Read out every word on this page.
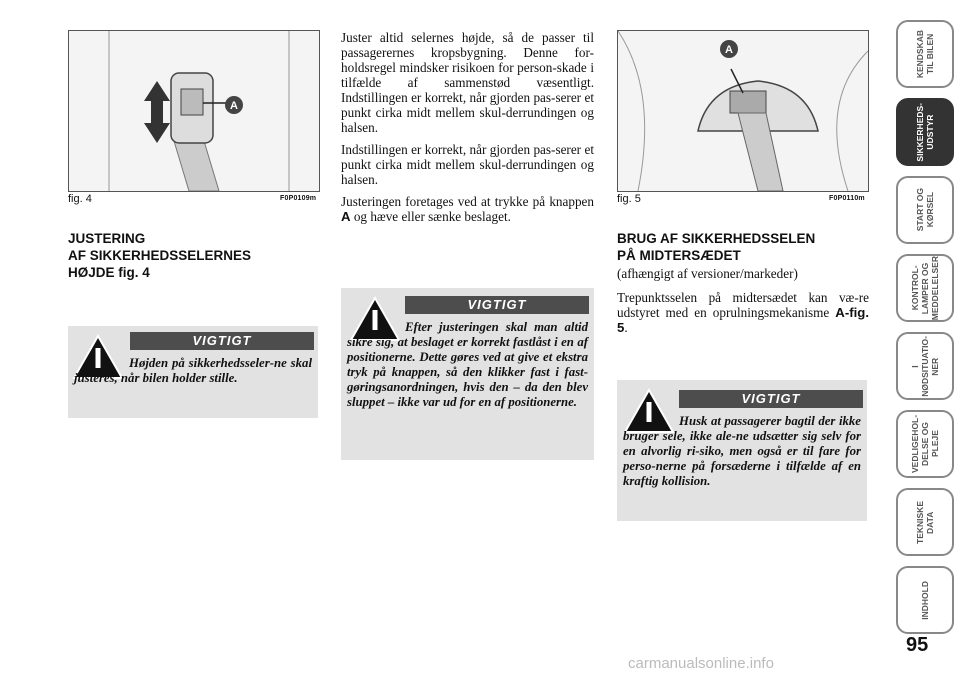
A
fig. 4	F0P0109m
JUSTERING
AF SIKKERHEDSSELERNES
HØJDE fig. 4
VIGTIGT
Højden på sikkerhedsseler-ne skal justeres, når bilen holder stille.

Juster altid selernes højde, så de passer til passagerernes kropsbygning. Denne for-holdsregel mindsker risikoen for person-skade i tilfælde af sammenstød væsentligt. Indstillingen er korrekt, når gjorden pas-serer et punkt cirka midt mellem skul-derrundingen og halsen.

Indstillingen er korrekt, når gjorden pas-serer et punkt cirka midt mellem skul-derrundingen og halsen.

Justeringen foretages ved at trykke på knappen A og hæve eller sænke beslaget.

VIGTIGT
Efter justeringen skal man altid sikre sig, at beslaget er korrekt fastlåst i en af positionerne. Dette gøres ved at give et ekstra tryk på knappen, så den klikker fast i fast-gøringsanordningen, hvis den – da den blev sluppet – ikke var ud for en af positionerne.
A
fig. 5	F0P0110m
BRUG AF SIKKERHEDSSELEN
PÅ MIDTERSÆDET
(afhængigt af versioner/markeder)
Trepunktsselen på midtersædet kan væ-re udstyret med en oprulningsmekanisme A-fig. 5.
VIGTIGT
Husk at passagerer bagtil der ikke bruger sele, ikke ale-ne udsætter sig selv for en alvorlig ri-siko, men også er til fare for perso-nerne på forsæderne i tilfælde af en kraftig kollision.
KENDSKAB
TIL BILEN
SIKKERHEDS-
UDSTYR
START OG
KØRSEL
KONTROL-
LAMPER OG
MEDDELELSER
I
NØDSITUATIO-
NER
VEDLIGEHOL-
DELSE OG PLEJE
TEKNISKE
DATA
INDHOLD
95
carmanualsonline.info
